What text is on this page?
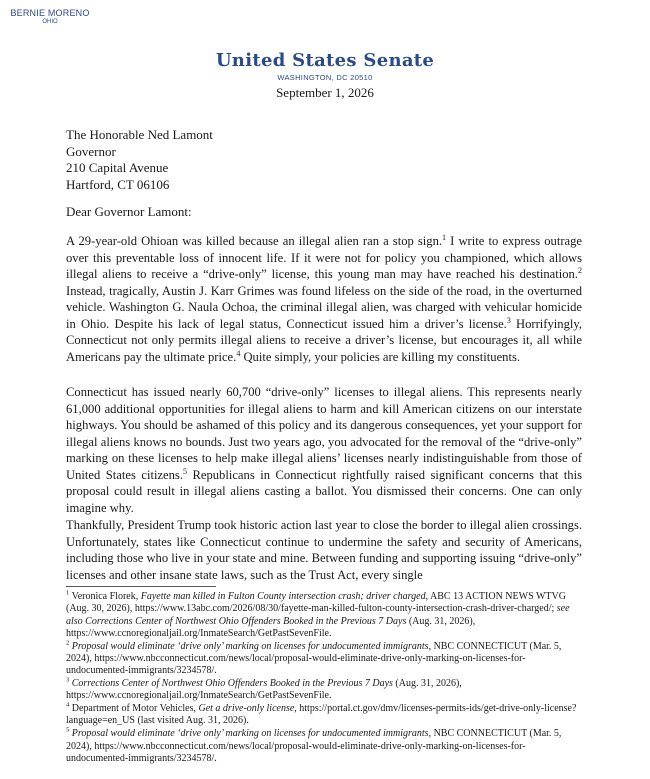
BERNIE MORENO
OHIO
United States Senate
WASHINGTON, DC 20510
September 1, 2026
The Honorable Ned Lamont
Governor
210 Capital Avenue
Hartford, CT 06106
Dear Governor Lamont:
A 29-year-old Ohioan was killed because an illegal alien ran a stop sign.$^1$ I write to express outrage over this preventable loss of innocent life. If it were not for policy you championed, which allows illegal aliens to receive a “drive-only” license, this young man may have reached his destination.$^2$ Instead, tragically, Austin J. Karr Grimes was found lifeless on the side of the road, in the overturned vehicle. Washington G. Naula Ochoa, the criminal illegal alien, was charged with vehicular homicide in Ohio. Despite his lack of legal status, Connecticut issued him a driver’s license.$^3$ Horrifyingly, Connecticut not only permits illegal aliens to receive a driver’s license, but encourages it, all while Americans pay the ultimate price.$^4$ Quite simply, your policies are killing my constituents.
Connecticut has issued nearly 60,700 “drive-only” licenses to illegal aliens. This represents nearly 61,000 additional opportunities for illegal aliens to harm and kill American citizens on our interstate highways. You should be ashamed of this policy and its dangerous consequences, yet your support for illegal aliens knows no bounds. Just two years ago, you advocated for the removal of the “drive-only” marking on these licenses to help make illegal aliens’ licenses nearly indistinguishable from those of United States citizens.$^5$ Republicans in Connecticut rightfully raised significant concerns that this proposal could result in illegal aliens casting a ballot. You dismissed their concerns. One can only imagine why.
Thankfully, President Trump took historic action last year to close the border to illegal alien crossings. Unfortunately, states like Connecticut continue to undermine the safety and security of Americans, including those who live in your state and mine. Between funding and supporting issuing “drive-only” licenses and other insane state laws, such as the Trust Act, every single
$^1$ Veronica Florek, Fayette man killed in Fulton County intersection crash; driver charged, ABC 13 ACTION NEWS WTVG (Aug. 30, 2026), https://www.13abc.com/2026/08/30/fayette-man-killed-fulton-county-intersection-crash-driver-charged/; see also Corrections Center of Northwest Ohio Offenders Booked in the Previous 7 Days (Aug. 31, 2026), https://www.ccnoregionaljail.org/InmateSearch/GetPastSevenFile.
$^2$ Proposal would eliminate ‘drive only’ marking on licenses for undocumented immigrants, NBC CONNECTICUT (Mar. 5, 2024), https://www.nbcconnecticut.com/news/local/proposal-would-eliminate-drive-only-marking-on-licenses-for-undocumented-immigrants/3234578/.
$^3$ Corrections Center of Northwest Ohio Offenders Booked in the Previous 7 Days (Aug. 31, 2026), https://www.ccnoregionaljail.org/InmateSearch/GetPastSevenFile.
$^4$ Department of Motor Vehicles, Get a drive-only license, https://portal.ct.gov/dmv/licenses-permits-ids/get-drive-only-license?language=en_US (last visited Aug. 31, 2026).
$^5$ Proposal would eliminate ‘drive only’ marking on licenses for undocumented immigrants, NBC CONNECTICUT (Mar. 5, 2024), https://www.nbcconnecticut.com/news/local/proposal-would-eliminate-drive-only-marking-on-licenses-for-undocumented-immigrants/3234578/.
